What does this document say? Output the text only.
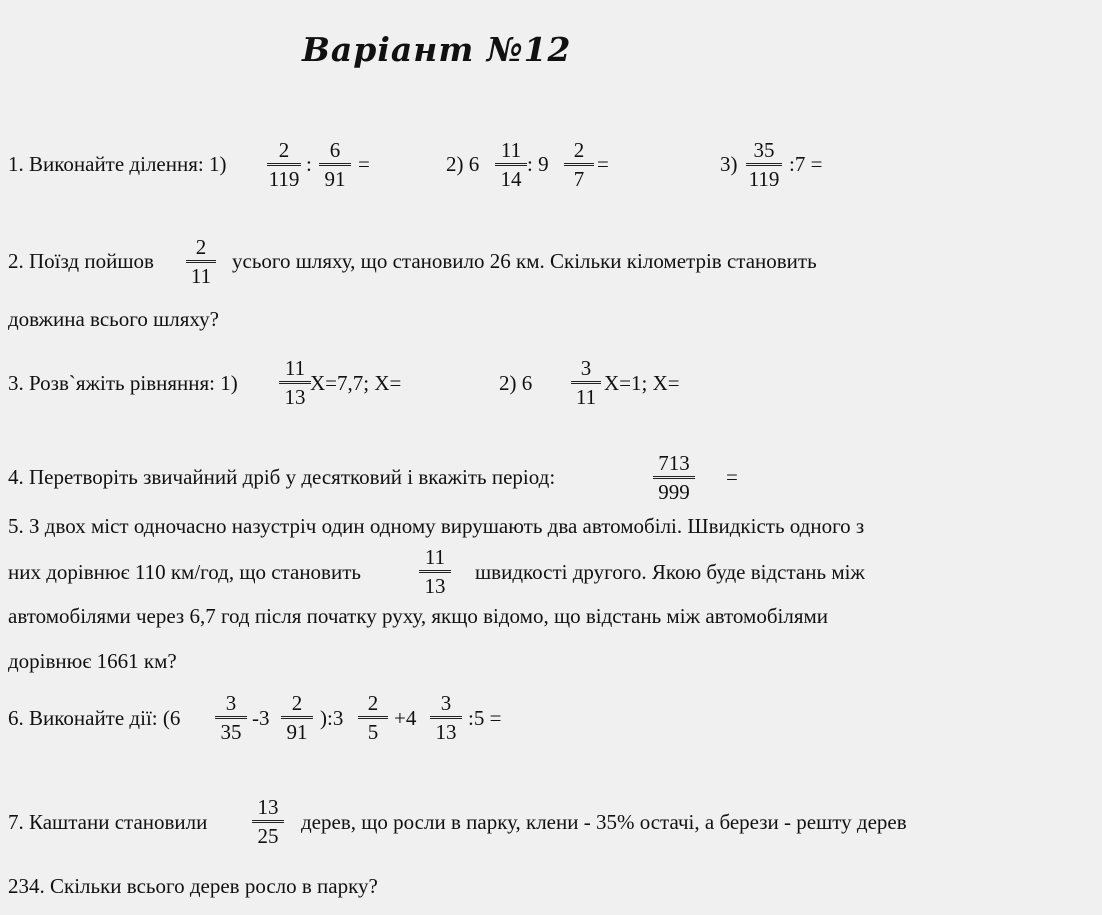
Варіант №12
1. Виконайте ділення: 1)
2
119
:
6
91
=	2) 6
11
14
: 9
2
7
=	3)
35
119
:7 =
2. Поїзд пойшов
2
11
усього шляху, що становило 26 км. Скільки кілометрів становить
довжина всього шляху?
3. Розв`яжіть рівняння: 1)
11
13
X=7,7; X=	2) 6
3
11
X=1; X=
4. Перетворіть звичайний дріб у десятковий і вкажіть період:
713
999
=
5. З двох міст одночасно назустріч один одному вирушають два автомобілі. Швидкість одного з
них дорівнює 110 км/год, що становить
11
13
швидкості другого. Якою буде відстань між
автомобілями через 6,7 год після початку руху, якщо відомо, що відстань між автомобілями
дорівнює 1661 км?
6. Виконайте дії: (6
3
35
-3
2
91
):3
2
5
+4
3
13
:5 =
7. Каштани становили
13
25
дерев, що росли в парку, клени - 35% остачі, а берези - решту дерев
234. Скільки всього дерев росло в парку?
